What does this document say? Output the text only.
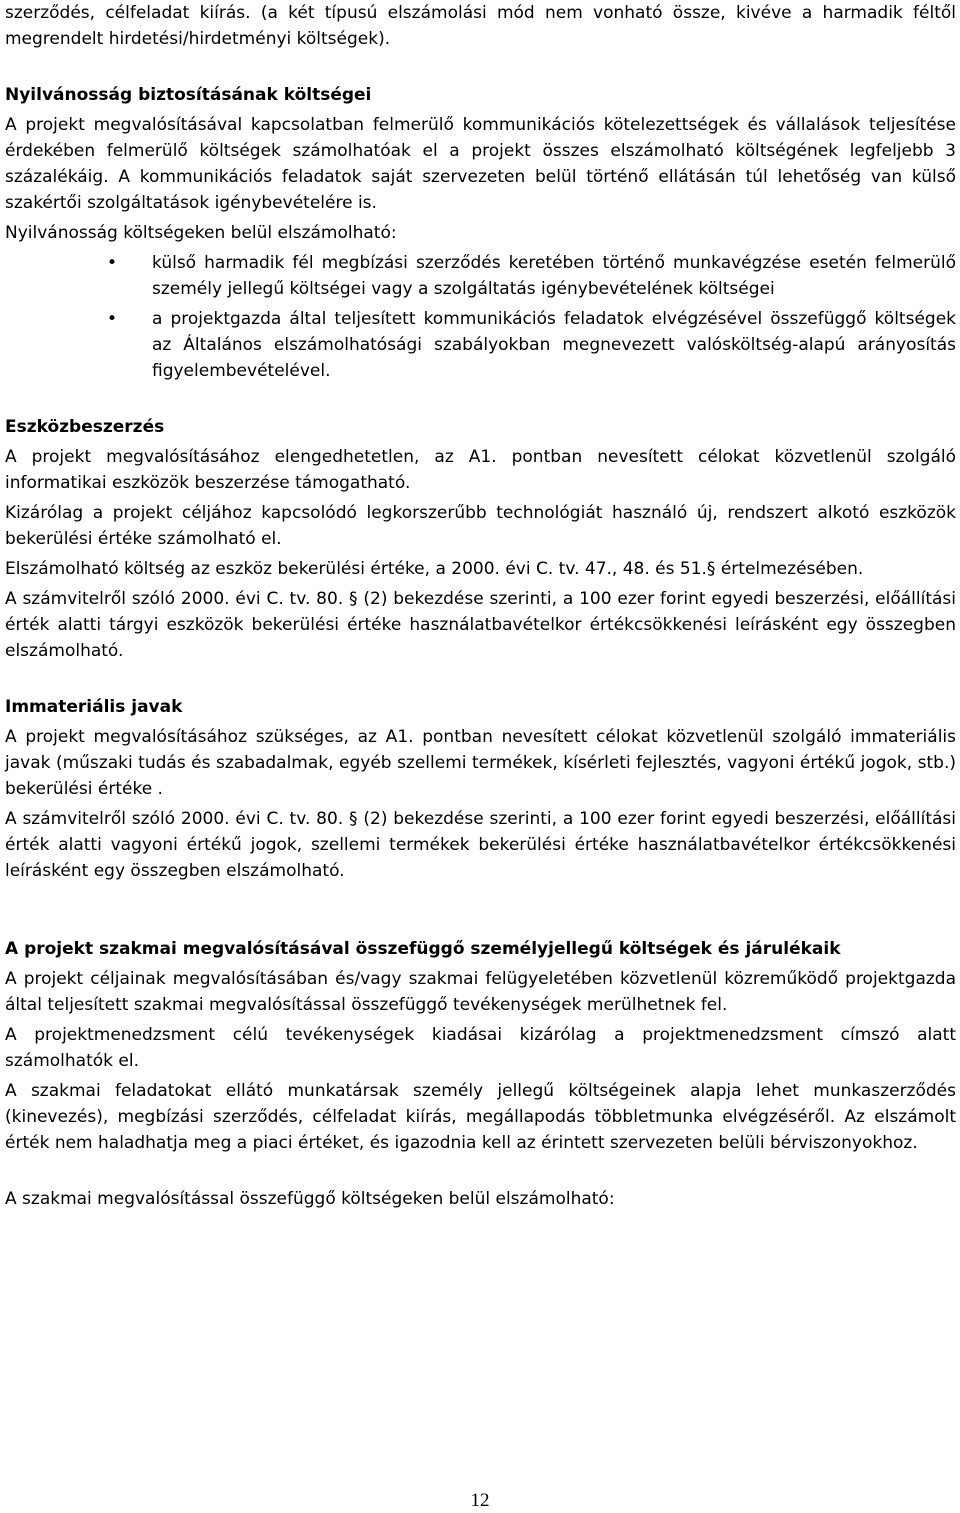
szerződés, célfeladat kiírás. (a két típusú elszámolási mód nem vonható össze, kivéve a harmadik féltől megrendelt hirdetési/hirdetményi költségek).

Nyilvánosság biztosításának költségei

A projekt megvalósításával kapcsolatban felmerülő kommunikációs kötelezettségek és vállalások teljesítése érdekében felmerülő költségek számolhatóak el a projekt összes elszámolható költségének legfeljebb 3 százalékáig. A kommunikációs feladatok saját szervezeten belül történő ellátásán túl lehetőség van külső szakértői szolgáltatások igénybevételére is.

Nyilvánosság költségeken belül elszámolható:

• külső harmadik fél megbízási szerződés keretében történő munkavégzése esetén felmerülő személy jellegű költségei vagy a szolgáltatás igénybevételének költségei
• a projektgazda által teljesített kommunikációs feladatok elvégzésével összefüggő költségek az Általános elszámolhatósági szabályokban megnevezett valósköltség-alapú arányosítás figyelembevételével.
Eszközbeszerzés

A projekt megvalósításához elengedhetetlen, az A1. pontban nevesített célokat közvetlenül szolgáló informatikai eszközök beszerzése támogatható.

Kizárólag a projekt céljához kapcsolódó legkorszerűbb technológiát használó új, rendszert alkotó eszközök bekerülési értéke számolható el.

Elszámolható költség az eszköz bekerülési értéke, a 2000. évi C. tv. 47., 48. és 51.§ értelmezésében.

A számvitelről szóló 2000. évi C. tv. 80. § (2) bekezdése szerinti, a 100 ezer forint egyedi beszerzési, előállítási érték alatti tárgyi eszközök bekerülési értéke használatbavételkor értékcsökkenési leírásként egy összegben elszámolható.

Immateriális javak

A projekt megvalósításához szükséges, az A1. pontban nevesített célokat közvetlenül szolgáló immateriális javak (műszaki tudás és szabadalmak, egyéb szellemi termékek, kísérleti fejlesztés, vagyoni értékű jogok, stb.) bekerülési értéke .

A számvitelről szóló 2000. évi C. tv. 80. § (2) bekezdése szerinti, a 100 ezer forint egyedi beszerzési, előállítási érték alatti vagyoni értékű jogok, szellemi termékek bekerülési értéke használatbavételkor értékcsökkenési leírásként egy összegben elszámolható.

A projekt szakmai megvalósításával összefüggő személyjellegű költségek és járulékaik

A projekt céljainak megvalósításában és/vagy szakmai felügyeletében közvetlenül közreműködő projektgazda által teljesített szakmai megvalósítással összefüggő tevékenységek merülhetnek fel.

A projektmenedzsment célú tevékenységek kiadásai kizárólag a projektmenedzsment címszó alatt számolhatók el.

A szakmai feladatokat ellátó munkatársak személy jellegű költségeinek alapja lehet munkaszerződés (kinevezés), megbízási szerződés, célfeladat kiírás, megállapodás többletmunka elvégzéséről. Az elszámolt érték nem haladhatja meg a piaci értéket, és igazodnia kell az érintett szervezeten belüli bérviszonyokhoz.

A szakmai megvalósítással összefüggő költségeken belül elszámolható:

12
